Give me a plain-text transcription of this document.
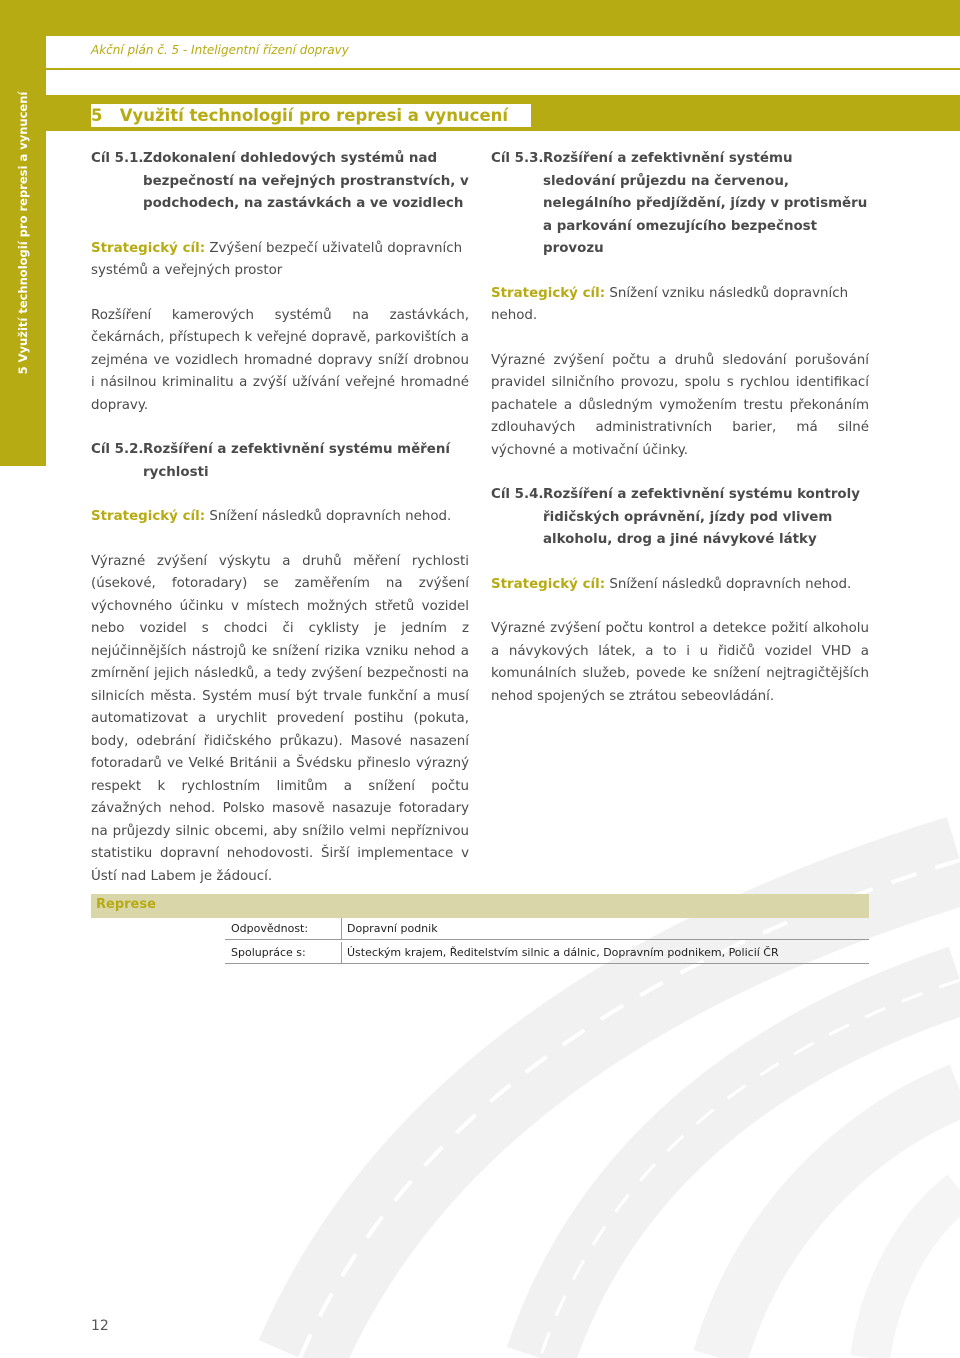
5 Využití technologií pro represi a vynucení
Akční plán č. 5 - Inteligentní řízení dopravy
5 Využití technologií pro represi a vynucení
Cíl 5.1. Zdokonalení dohledových systémů nad bezpečností na veřejných prostranstvích, v podchodech, na zastávkách a ve vozidlech

Strategický cíl: Zvýšení bezpečí uživatelů dopravních systémů a veřejných prostor

Rozšíření kamerových systémů na zastávkách, čekárnách, přístupech k veřejné dopravě, parkovištích a zejména ve vozidlech hromadné dopravy sníží drobnou i násilnou kriminalitu a zvýší užívání veřejné hromadné dopravy.

Cíl 5.2. Rozšíření a zefektivnění systému měření rychlosti

Strategický cíl: Snížení následků dopravních nehod.

Výrazné zvýšení výskytu a druhů měření rychlosti (úsekové, fotoradary) se zaměřením na zvýšení výchovného účinku v místech možných střetů vozidel nebo vozidel s chodci či cyklisty je jedním z nejúčinnějších nástrojů ke snížení rizika vzniku nehod a zmírnění jejich následků, a tedy zvýšení bezpečnosti na silnicích města. Systém musí být trvale funkční a musí automatizovat a urychlit provedení postihu (pokuta, body, odebrání řidičského průkazu). Masové nasazení fotoradarů ve Velké Británii a Švédsku přineslo výrazný respekt k rychlostním limitům a snížení počtu závažných nehod. Polsko masově nasazuje fotoradary na průjezdy silnic obcemi, aby snížilo velmi nepříznivou statistiku dopravní nehodovosti. Širší implementace v Ústí nad Labem je žádoucí.

Cíl 5.3. Rozšíření a zefektivnění systému sledování průjezdu na červenou, nelegálního předjíždění, jízdy v protisměru a parkování omezujícího bezpečnost provozu

Strategický cíl: Snížení vzniku následků dopravních nehod.

Výrazné zvýšení počtu a druhů sledování porušování pravidel silničního provozu, spolu s rychlou identifikací pachatele a důsledným vymožením trestu překonáním zdlouhavých administrativních barier, má silné výchovné a motivační účinky.

Cíl 5.4. Rozšíření a zefektivnění systému kontroly řidičských oprávnění, jízdy pod vlivem alkoholu, drog a jiné návykové látky

Strategický cíl: Snížení následků dopravních nehod.

Výrazné zvýšení počtu kontrol a detekce požití alkoholu a návykových látek, a to i u řidičů vozidel VHD a komunálních služeb, povede ke snížení nejtragičtějších nehod spojených se ztrátou sebeovládání.

Represe
Odpovědnost:	Dopravní podnik
Spolupráce s:	Ústeckým krajem, Ředitelstvím silnic a dálnic, Dopravním podnikem, Policií ČR
12
